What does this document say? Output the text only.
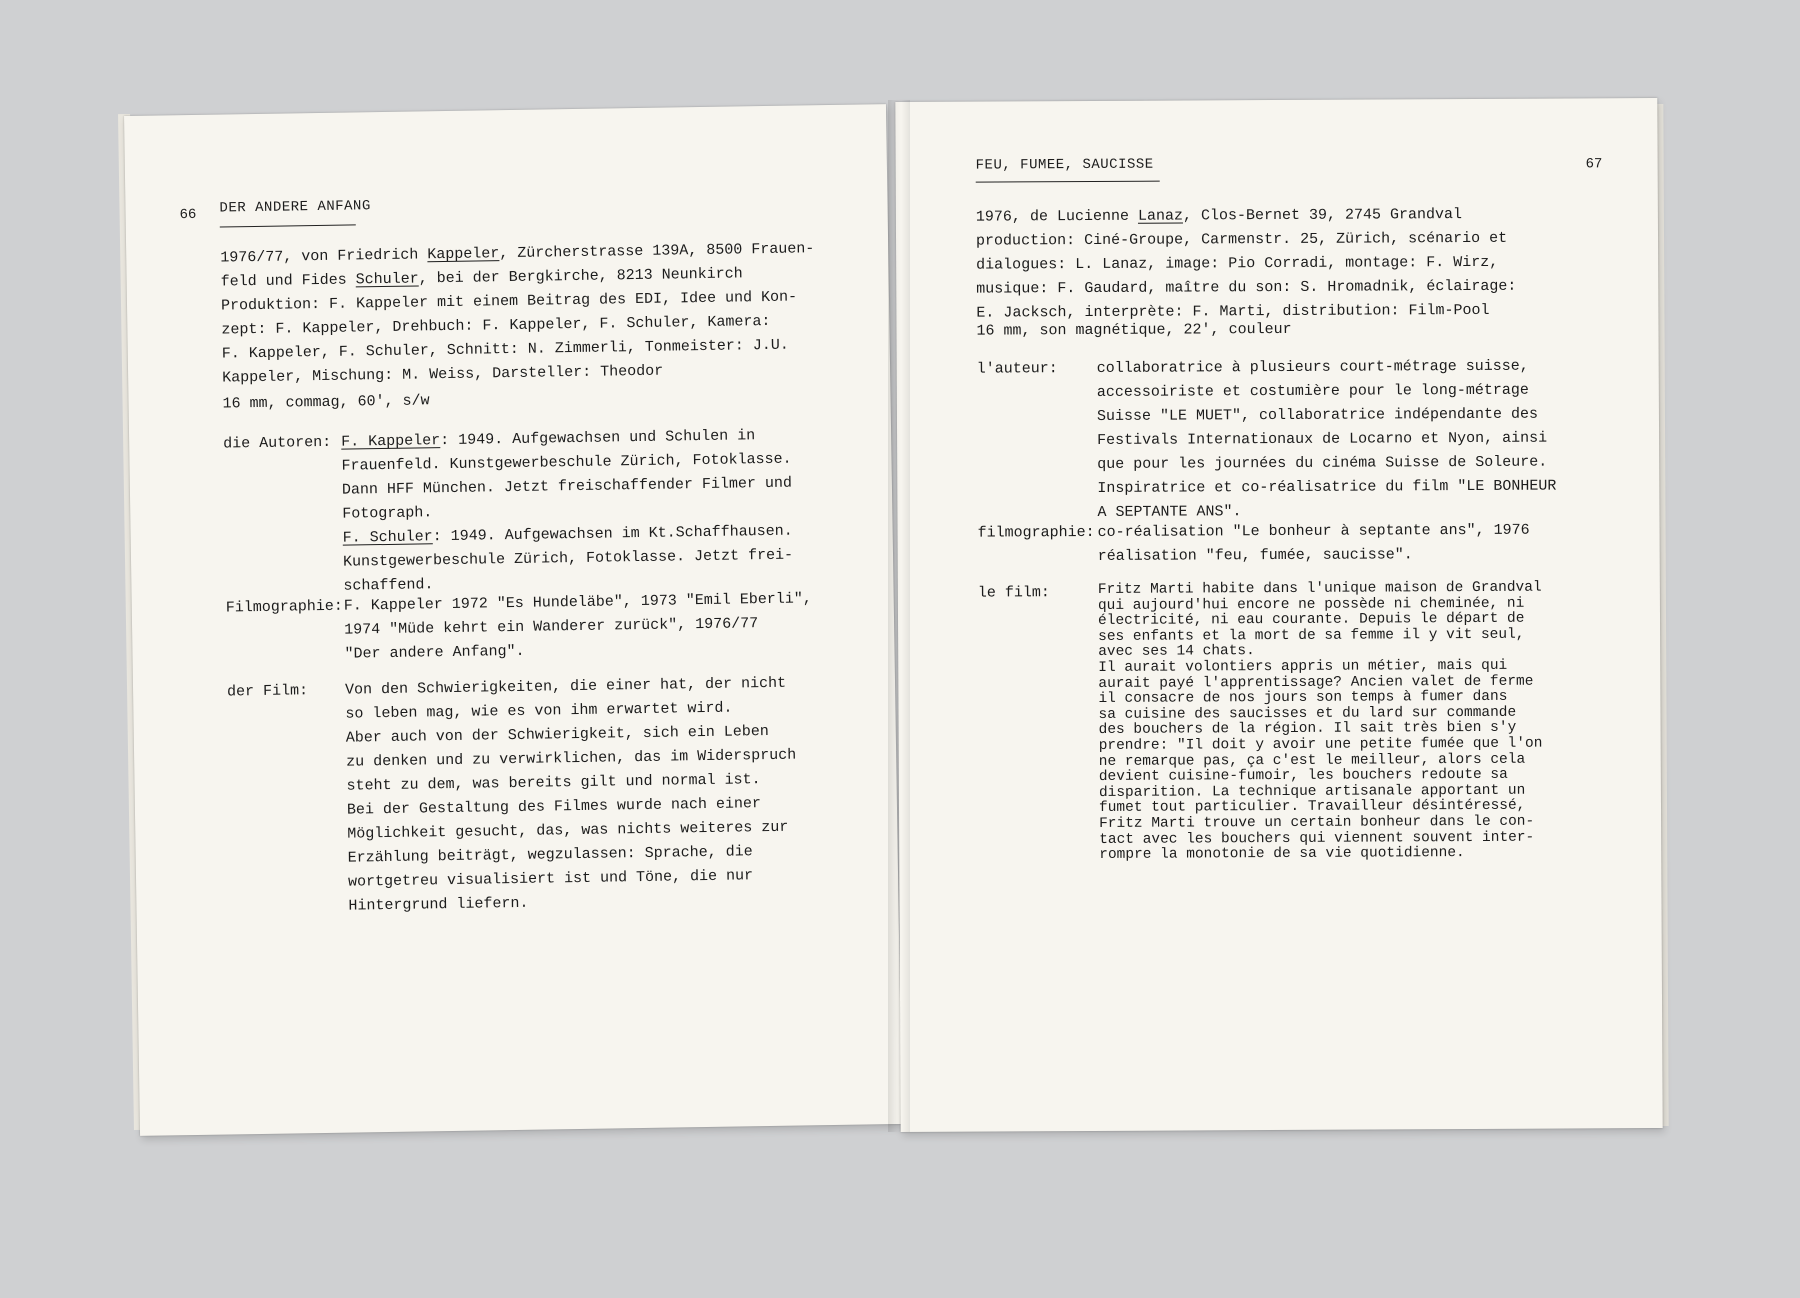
66 DER ANDERE ANFANG
1976/77, von Friedrich Kappeler, Zürcherstrasse 139A, 8500 Frauen-
feld und Fides Schuler, bei der Bergkirche, 8213 Neunkirch
Produktion: F. Kappeler mit einem Beitrag des EDI, Idee und Kon-
zept: F. Kappeler, Drehbuch: F. Kappeler, F. Schuler, Kamera:
F. Kappeler, F. Schuler, Schnitt: N. Zimmerli, Tonmeister: J.U.
Kappeler, Mischung: M. Weiss, Darsteller: Theodor
16 mm, commag, 60', s/w
die Autoren: F. Kappeler: 1949. Aufgewachsen und Schulen in
Frauenfeld. Kunstgewerbeschule Zürich, Fotoklasse.
Dann HFF München. Jetzt freischaffender Filmer und
Fotograph.
F. Schuler: 1949. Aufgewachsen im Kt.Schaffhausen.
Kunstgewerbeschule Zürich, Fotoklasse. Jetzt frei-
schaffend.
Filmographie: F. Kappeler 1972 "Es Hundeläbe", 1973 "Emil Eberli",
1974 "Müde kehrt ein Wanderer zurück", 1976/77
"Der andere Anfang".
der Film: Von den Schwierigkeiten, die einer hat, der nicht
so leben mag, wie es von ihm erwartet wird.
Aber auch von der Schwierigkeit, sich ein Leben
zu denken und zu verwirklichen, das im Widerspruch
steht zu dem, was bereits gilt und normal ist.
Bei der Gestaltung des Filmes wurde nach einer
Möglichkeit gesucht, das, was nichts weiteres zur
Erzählung beiträgt, wegzulassen: Sprache, die
wortgetreu visualisiert ist und Töne, die nur
Hintergrund liefern.
FEU, FUMEE, SAUCISSE	67
1976, de Lucienne Lanaz, Clos-Bernet 39, 2745 Grandval
production: Ciné-Groupe, Carmenstr. 25, Zürich, scénario et
dialogues: L. Lanaz, image: Pio Corradi, montage: F. Wirz,
musique: F. Gaudard, maître du son: S. Hromadnik, éclairage:
E. Jacksch, interprète: F. Marti, distribution: Film-Pool
16 mm, son magnétique, 22', couleur
l'auteur:	collaboratrice à plusieurs court-métrage suisse,
accessoiriste et costumière pour le long-métrage
Suisse "LE MUET", collaboratrice indépendante des
Festivals Internationaux de Locarno et Nyon, ainsi
que pour les journées du cinéma Suisse de Soleure.
Inspiratrice et co-réalisatrice du film "LE BONHEUR
A SEPTANTE ANS".
filmographie: co-réalisation "Le bonheur à septante ans", 1976
réalisation "feu, fumée, saucisse".
le film:	Fritz Marti habite dans l'unique maison de Grandval
qui aujourd'hui encore ne possède ni cheminée, ni
électricité, ni eau courante. Depuis le départ de
ses enfants et la mort de sa femme il y vit seul,
avec ses 14 chats.
Il aurait volontiers appris un métier, mais qui
aurait payé l'apprentissage? Ancien valet de ferme
il consacre de nos jours son temps à fumer dans
sa cuisine des saucisses et du lard sur commande
des bouchers de la région. Il sait très bien s'y
prendre: "Il doit y avoir une petite fumée que l'on
ne remarque pas, ça c'est le meilleur, alors cela
devient cuisine-fumoir, les bouchers redoute sa
disparition. La technique artisanale apportant un
fumet tout particulier. Travailleur désintéressé,
Fritz Marti trouve un certain bonheur dans le con-
tact avec les bouchers qui viennent souvent inter-
rompre la monotonie de sa vie quotidienne.
